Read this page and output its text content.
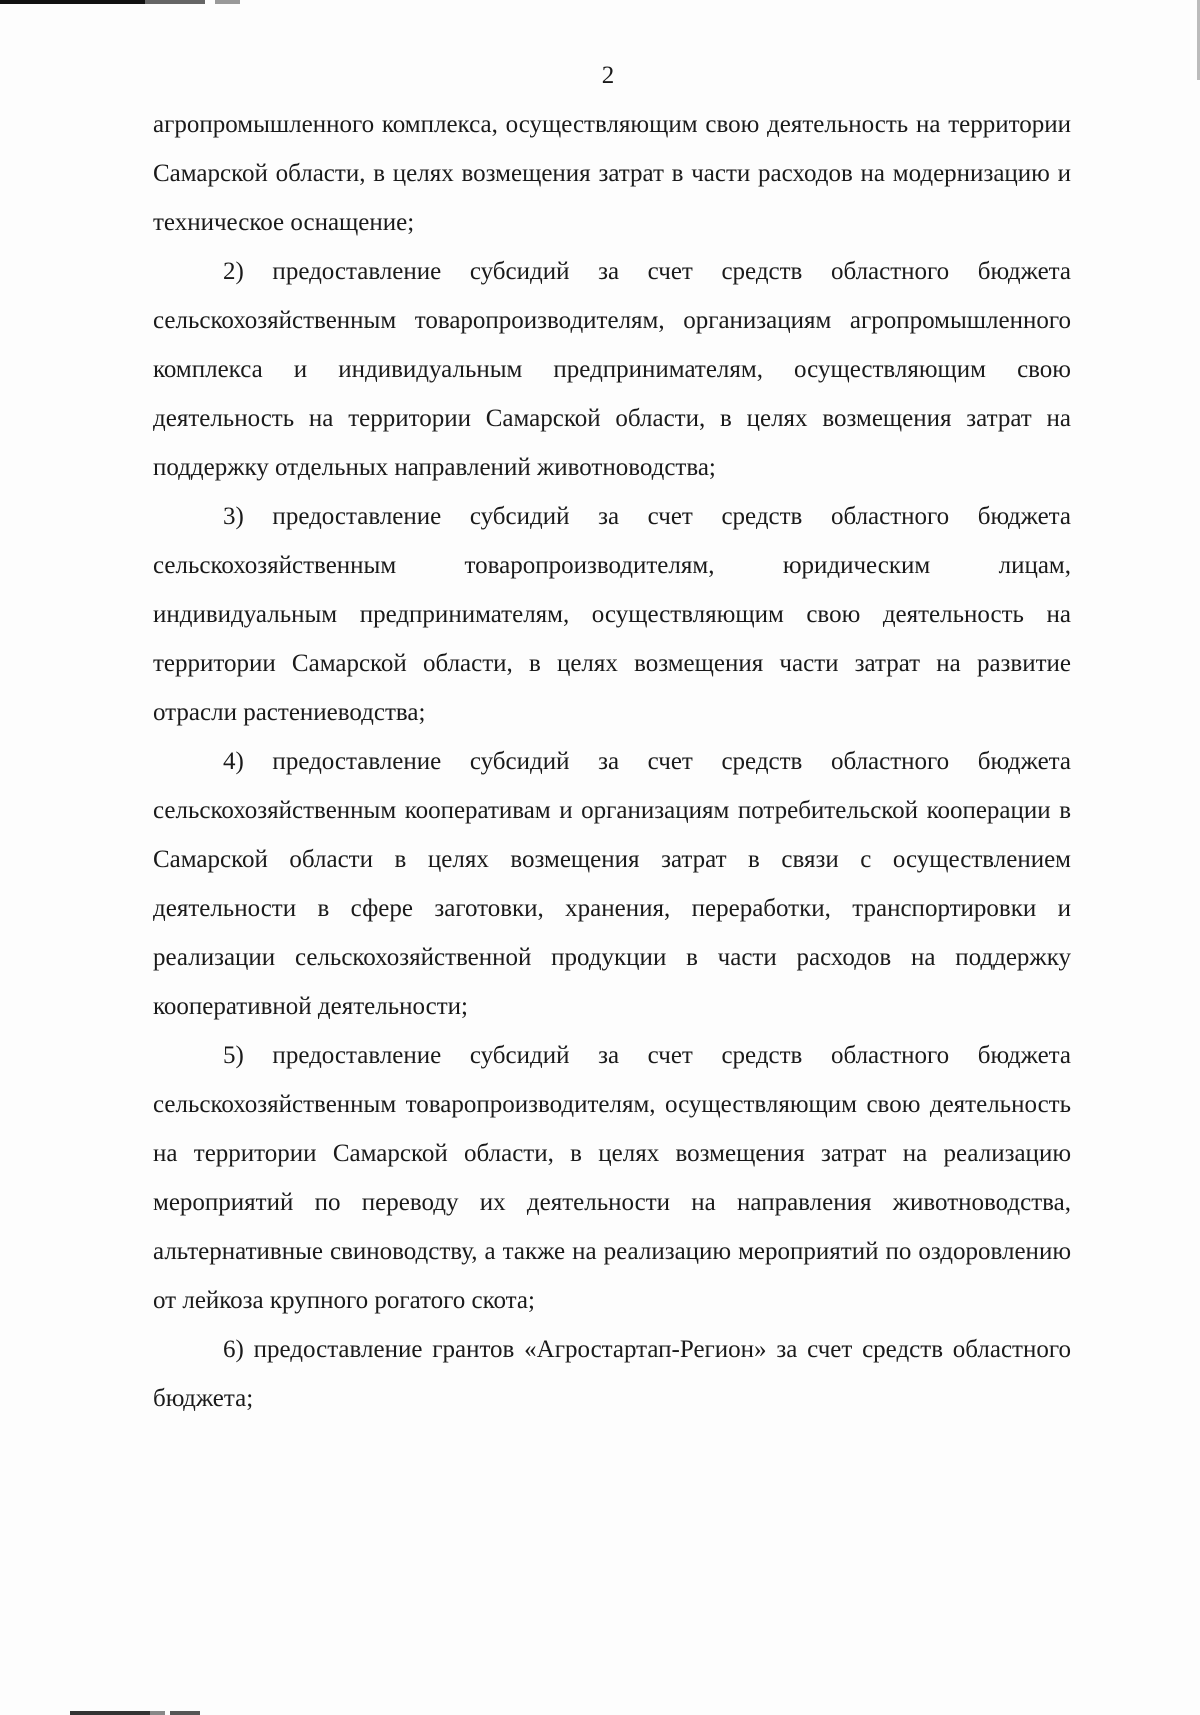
2

агропромышленного комплекса, осуществляющим свою деятельность на территории Самарской области, в целях возмещения затрат в части расходов на модернизацию и техническое оснащение;

2) предоставление субсидий за счет средств областного бюджета сельскохозяйственным товаропроизводителям, организациям агропромышленного комплекса и индивидуальным предпринимателям, осуществляющим свою деятельность на территории Самарской области, в целях возмещения затрат на поддержку отдельных направлений животноводства;

3) предоставление субсидий за счет средств областного бюджета сельскохозяйственным товаропроизводителям, юридическим лицам, индивидуальным предпринимателям, осуществляющим свою деятельность на территории Самарской области, в целях возмещения части затрат на развитие отрасли растениеводства;

4) предоставление субсидий за счет средств областного бюджета сельскохозяйственным кооперативам и организациям потребительской кооперации в Самарской области в целях возмещения затрат в связи с осуществлением деятельности в сфере заготовки, хранения, переработки, транспортировки и реализации сельскохозяйственной продукции в части расходов на поддержку кооперативной деятельности;

5) предоставление субсидий за счет средств областного бюджета сельскохозяйственным товаропроизводителям, осуществляющим свою деятельность на территории Самарской области, в целях возмещения затрат на реализацию мероприятий по переводу их деятельности на направления животноводства, альтернативные свиноводству, а также на реализацию мероприятий по оздоровлению от лейкоза крупного рогатого скота;

6) предоставление грантов «Агростартап-Регион» за счет средств областного бюджета;
